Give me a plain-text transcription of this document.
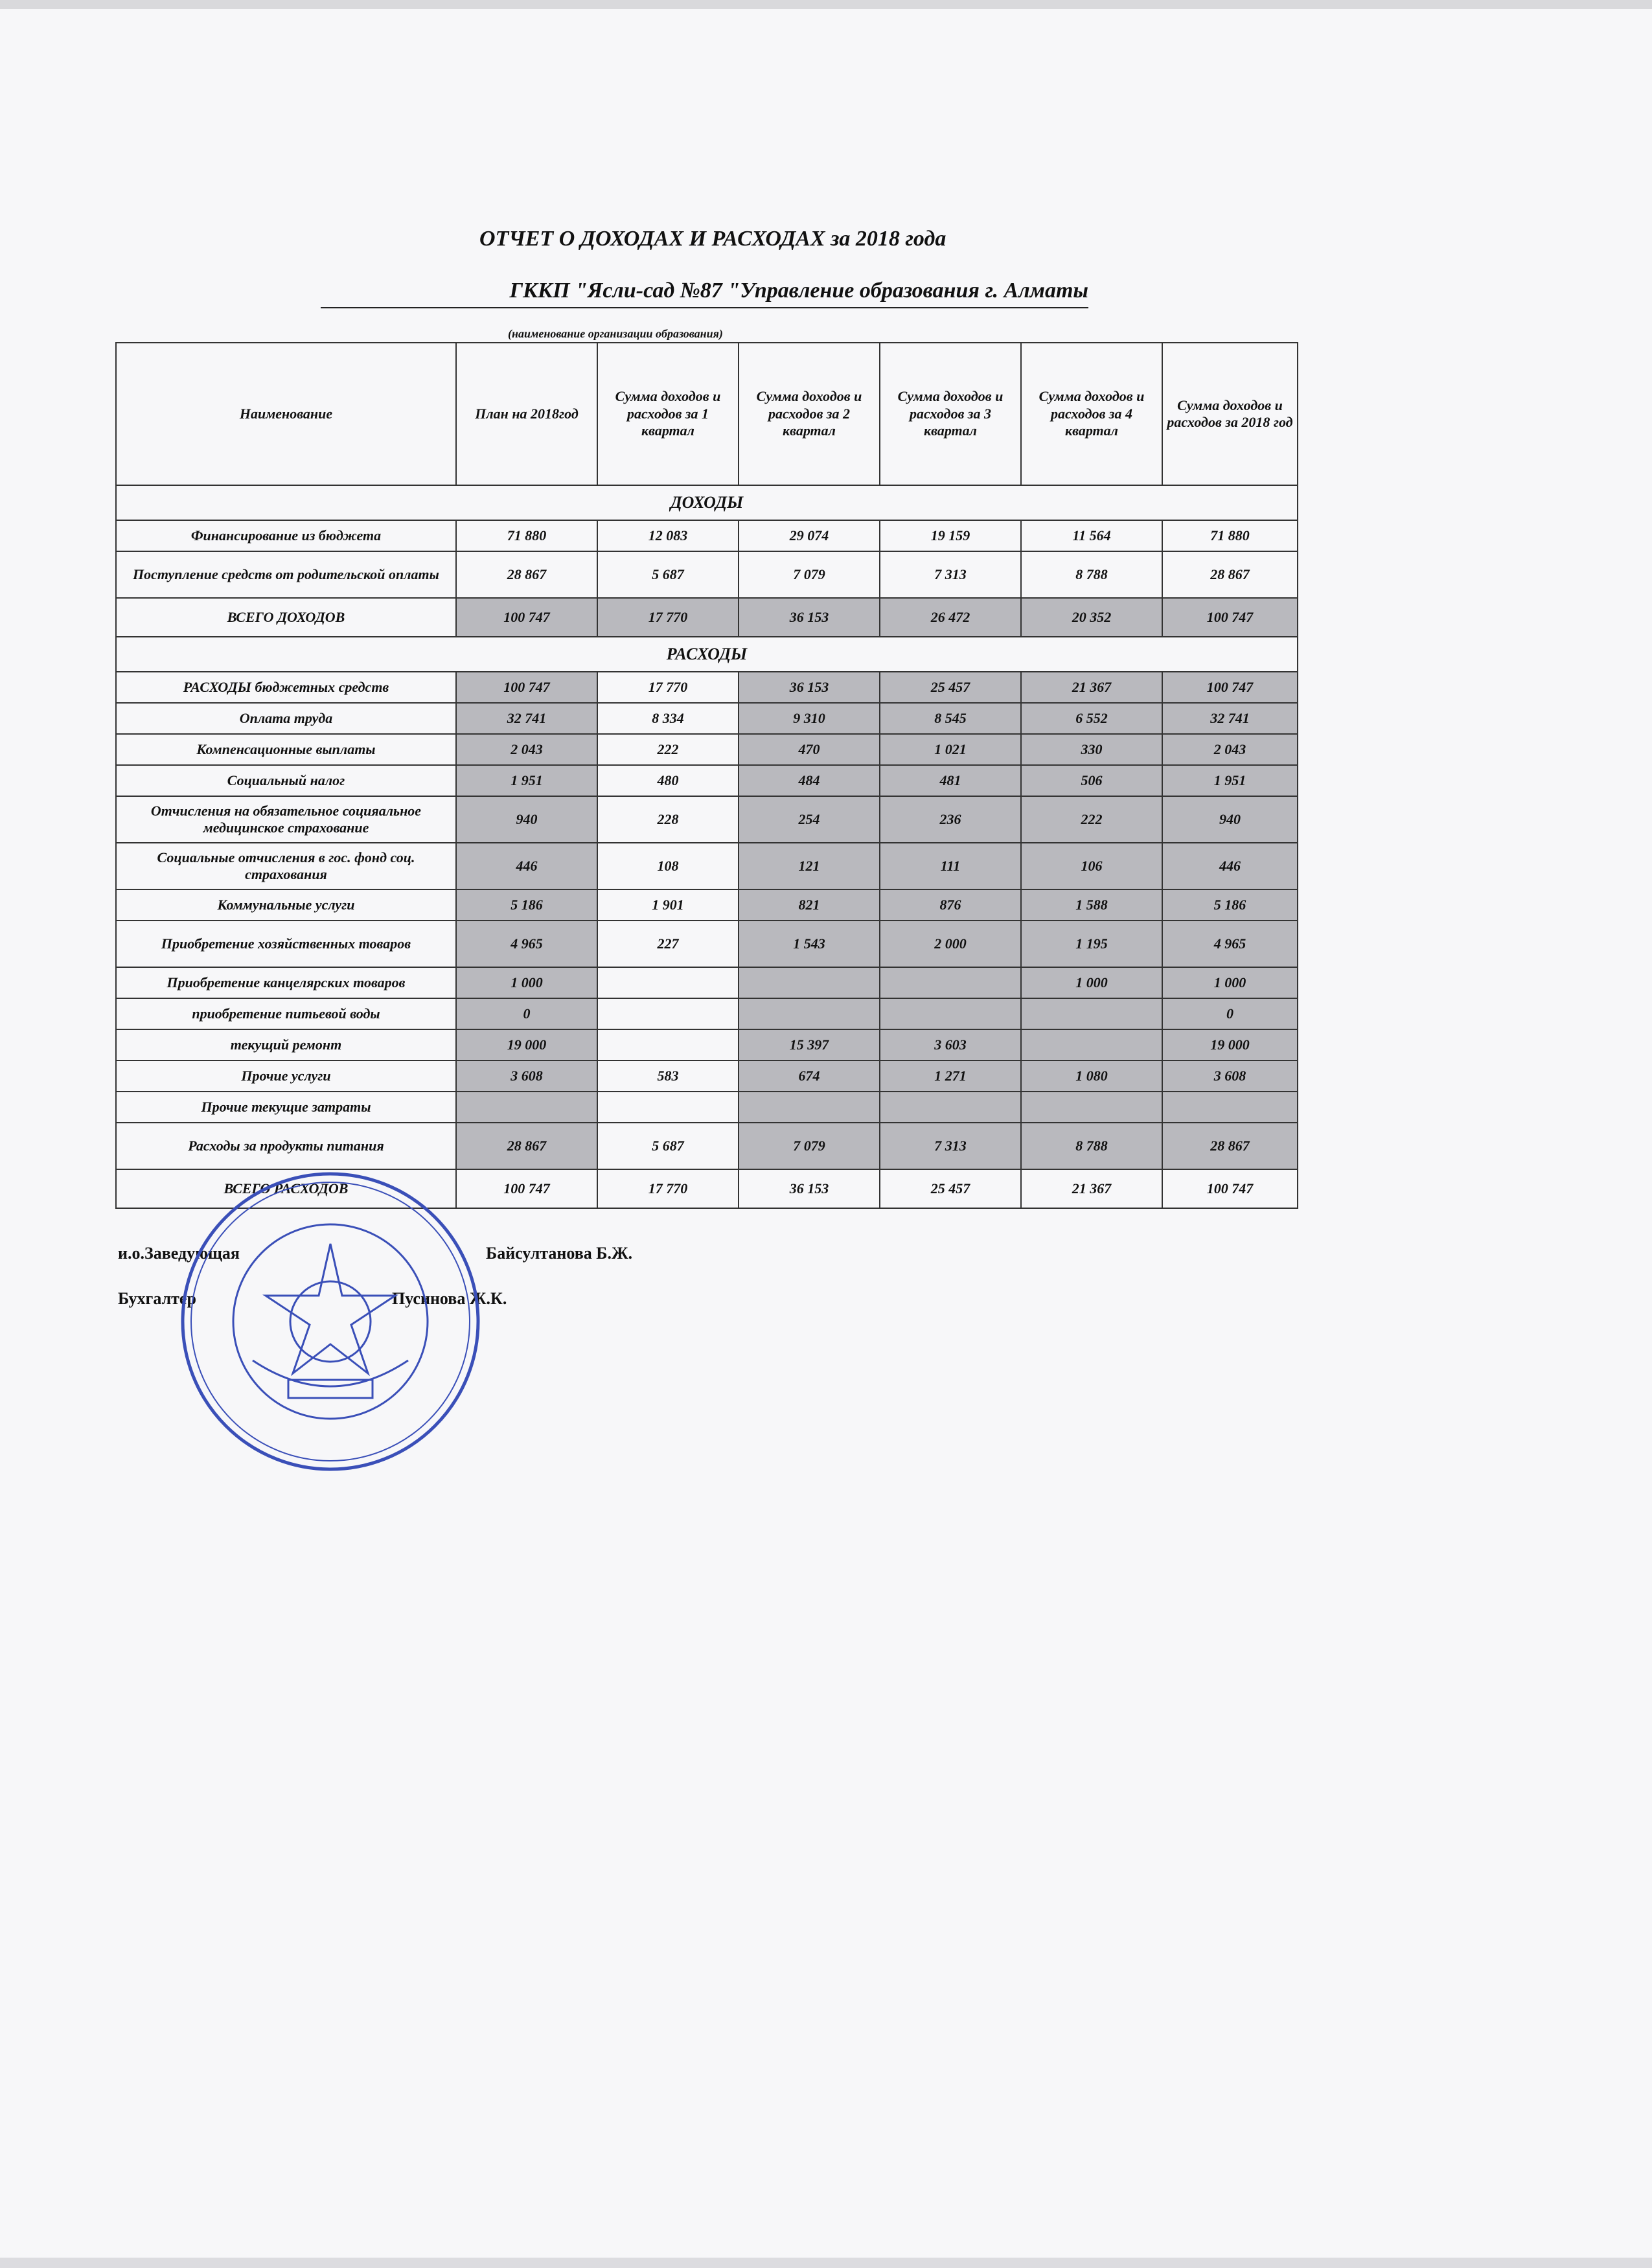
ОТЧЕТ О ДОХОДАХ И РАСХОДАХ за 2018 года
ГККП "Ясли-сад №87 "Управление образования г. Алматы
(наименование организации образования)
Наименование	План на 2018год	Сумма доходов и расходов за 1 квартал	Сумма доходов и расходов за 2 квартал	Сумма доходов и расходов за 3 квартал	Сумма доходов и расходов за 4 квартал	Сумма доходов и расходов за 2018 год
ДОХОДЫ						
Финансирование из бюджета	71 880	12 083	29 074	19 159	11 564	71 880
Поступление средств от родительской оплаты	28 867	5 687	7 079	7 313	8 788	28 867
ВСЕГО ДОХОДОВ	100 747	17 770	36 153	26 472	20 352	100 747
РАСХОДЫ						
РАСХОДЫ бюджетных средств	100 747	17 770	36 153	25 457	21 367	100 747
Оплата труда	32 741	8 334	9 310	8 545	6 552	32 741
Компенсационные выплаты	2 043	222	470	1 021	330	2 043
Социальный налог	1 951	480	484	481	506	1 951
Отчисления на обязательное социяальное медицинское страхование	940	228	254	236	222	940
Социальные отчисления в гос. фонд соц. страхования	446	108	121	111	106	446
Коммунальные услуги	5 186	1 901	821	876	1 588	5 186
Приобретение хозяйственных товаров	4 965	227	1 543	2 000	1 195	4 965
Приобретение канцелярских товаров	1 000				1 000	1 000
приобретение питьевой воды	0					0
текущий ремонт	19 000		15 397	3 603		19 000
Прочие услуги	3 608	583	674	1 271	1 080	3 608
Прочие текущие затраты						
Расходы за продукты питания	28 867	5 687	7 079	7 313	8 788	28 867
ВСЕГО РАСХОДОВ	100 747	17 770	36 153	25 457	21 367	100 747
и.о.Заведующая	Байсултанова Б.Ж.
Бухгалтер	Пусинова Ж.К.
